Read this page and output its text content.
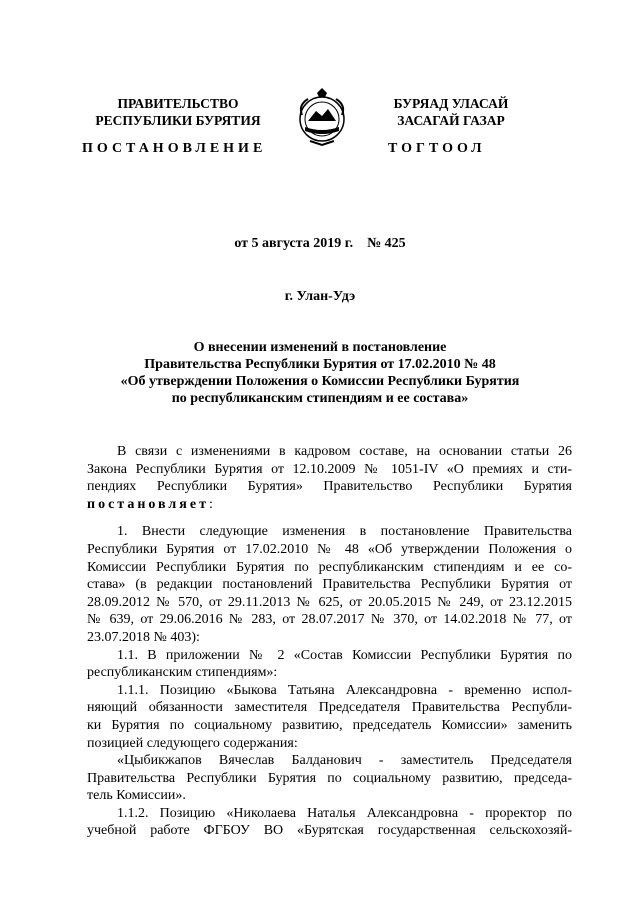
ПРАВИТЕЛЬСТВО
РЕСПУБЛИКИ БУРЯТИЯ
БУРЯАД УЛАСАЙ
ЗАСАГАЙ ГАЗАР
ПОСТАНОВЛЕНИЕ	ТОГТООЛ
от 5 августа 2019 г. № 425
г. Улан-Удэ
О внесении изменений в постановление
Правительства Республики Бурятия от 17.02.2010 № 48
«Об утверждении Положения о Комиссии Республики Бурятия
по республиканским стипендиям и ее состава»
В связи с изменениями в кадровом составе, на основании статьи 26
Закона Республики Бурятия от 12.10.2009 № 1051-IV «О премиях и сти-
пендиях Республики Бурятия» Правительство Республики Бурятия
постановляет:
1. Внести следующие изменения в постановление Правительства
Республики Бурятия от 17.02.2010 № 48 «Об утверждении Положения о
Комиссии Республики Бурятия по республиканским стипендиям и ее со-
става» (в редакции постановлений Правительства Республики Бурятия от
28.09.2012 № 570, от 29.11.2013 № 625, от 20.05.2015 № 249, от 23.12.2015
№ 639, от 29.06.2016 № 283, от 28.07.2017 № 370, от 14.02.2018 № 77, от
23.07.2018 № 403):
1.1. В приложении № 2 «Состав Комиссии Республики Бурятия по
республиканским стипендиям»:
1.1.1. Позицию «Быкова Татьяна Александровна - временно испол-
няющий обязанности заместителя Председателя Правительства Республи-
ки Бурятия по социальному развитию, председатель Комиссии» заменить
позицией следующего содержания:
«Цыбикжапов Вячеслав Балданович - заместитель Председателя
Правительства Республики Бурятия по социальному развитию, председа-
тель Комиссии».
1.1.2. Позицию «Николаева Наталья Александровна - проректор по
учебной работе ФГБОУ ВО «Бурятская государственная сельскохозяй-
